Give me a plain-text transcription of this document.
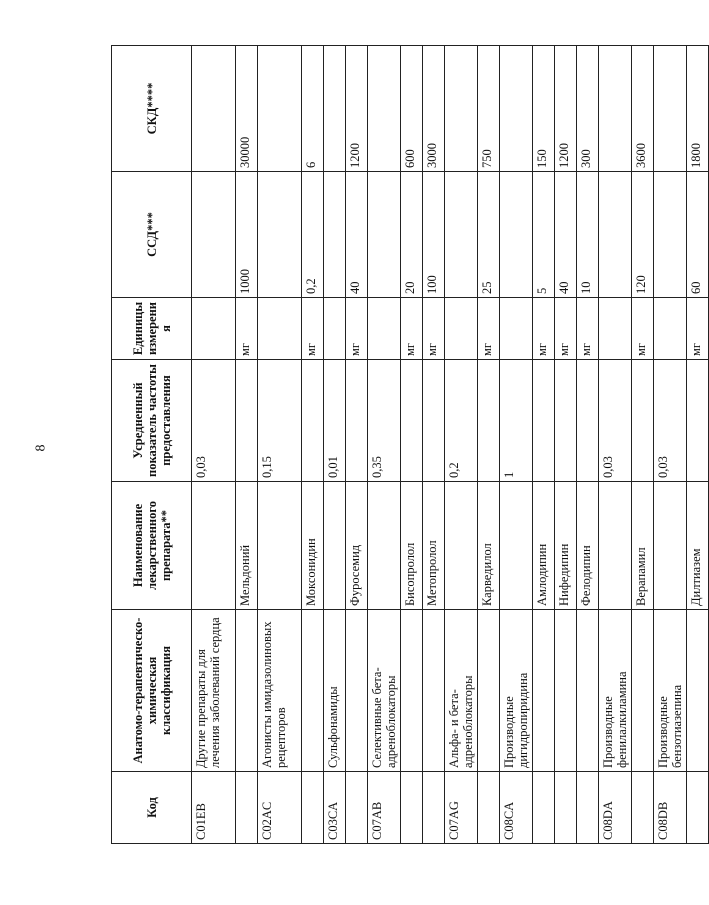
8
Код	Анатомо-терапевтическо-химическая классификация	Наименование лекарственного препарата**	Усредненный показатель частоты предоставления	Единицы измерения	ССД***	СКД****
C01EB	Другие препараты для лечения заболеваний сердца		0,03			
		Мельдоний		мг	1000	30000
C02AC	Агонисты имидазолиновых рецепторов		0,15			
		Моксонидин		мг	0,2	6
C03CA	Сульфонамиды		0,01			
		Фуросемид		мг	40	1200
C07AB	Селективные бета-адреноблокаторы		0,35			
		Бисопролол		мг	20	600
		Метопролол		мг	100	3000
C07AG	Альфа- и бета-адреноблокаторы		0,2			
		Карведилол		мг	25	750
C08CA	Производные дигидропиридина		1			
		Амлодипин		мг	5	150
		Нифедипин		мг	40	1200
		Фелодипин		мг	10	300
C08DA	Производные фенилалкиламина		0,03			
		Верапамил		мг	120	3600
C08DB	Производные бензотиазепина		0,03			
		Дилтиазем		мг	60	1800
